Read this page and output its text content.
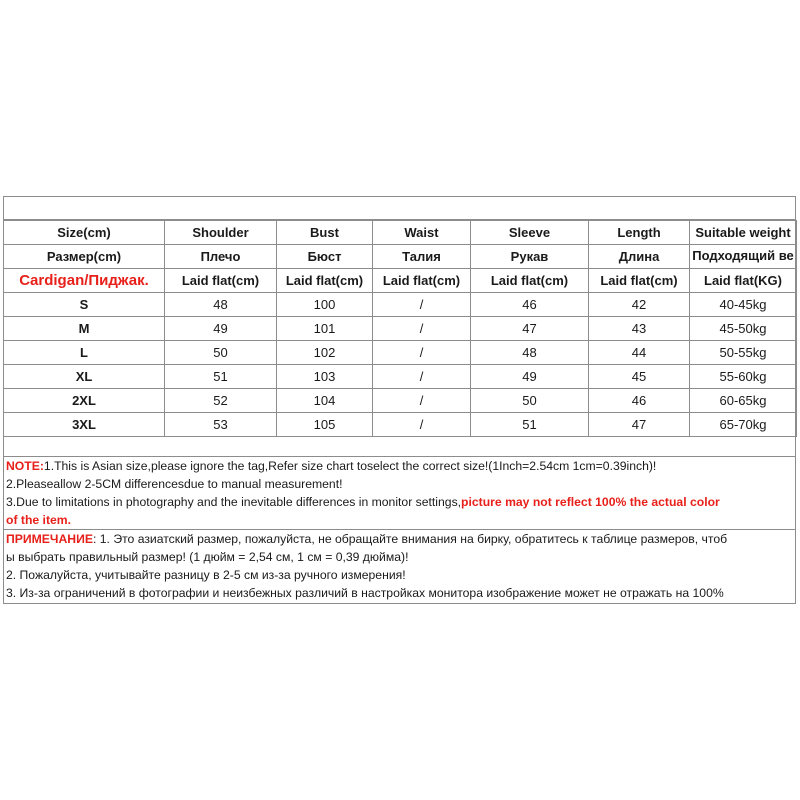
Size(cm)	Shoulder	Bust	Waist	Sleeve	Length	Suitable weight
Размер(cm)	Плечо	Бюст	Талия	Рукав	Длина	Подходящий ве

Cardigan/Пиджак.	Laid flat(cm)	Laid flat(cm)	Laid flat(cm)	Laid flat(cm)	Laid flat(cm)	Laid flat(KG)
S	48	100	/	46	42	40-45kg
M	49	101	/	47	43	45-50kg
L	50	102	/	48	44	50-55kg
XL	51	103	/	49	45	55-60kg
2XL	52	104	/	50	46	60-65kg
3XL	53	105	/	51	47	65-70kg
NOTE:1.This is Asian size,please ignore the tag,Refer size chart toselect the correct size!(1Inch=2.54cm 1cm=0.39inch)!
2.Pleaseallow 2-5CM differencesdue to manual measurement!
3.Due to limitations in photography and the inevitable differences in monitor settings,picture may not reflect 100% the actual color
of the item.
ПРИМЕЧАНИЕ: 1. Это азиатский размер, пожалуйста, не обращайте внимания на бирку, обратитесь к таблице размеров, чтоб
ы выбрать правильный размер! (1 дюйм = 2,54 см, 1 см = 0,39 дюйма)!
2. Пожалуйста, учитывайте разницу в 2-5 см из-за ручного измерения!
3. Из-за ограничений в фотографии и неизбежных различий в настройках монитора изображение может не отражать на 100%
